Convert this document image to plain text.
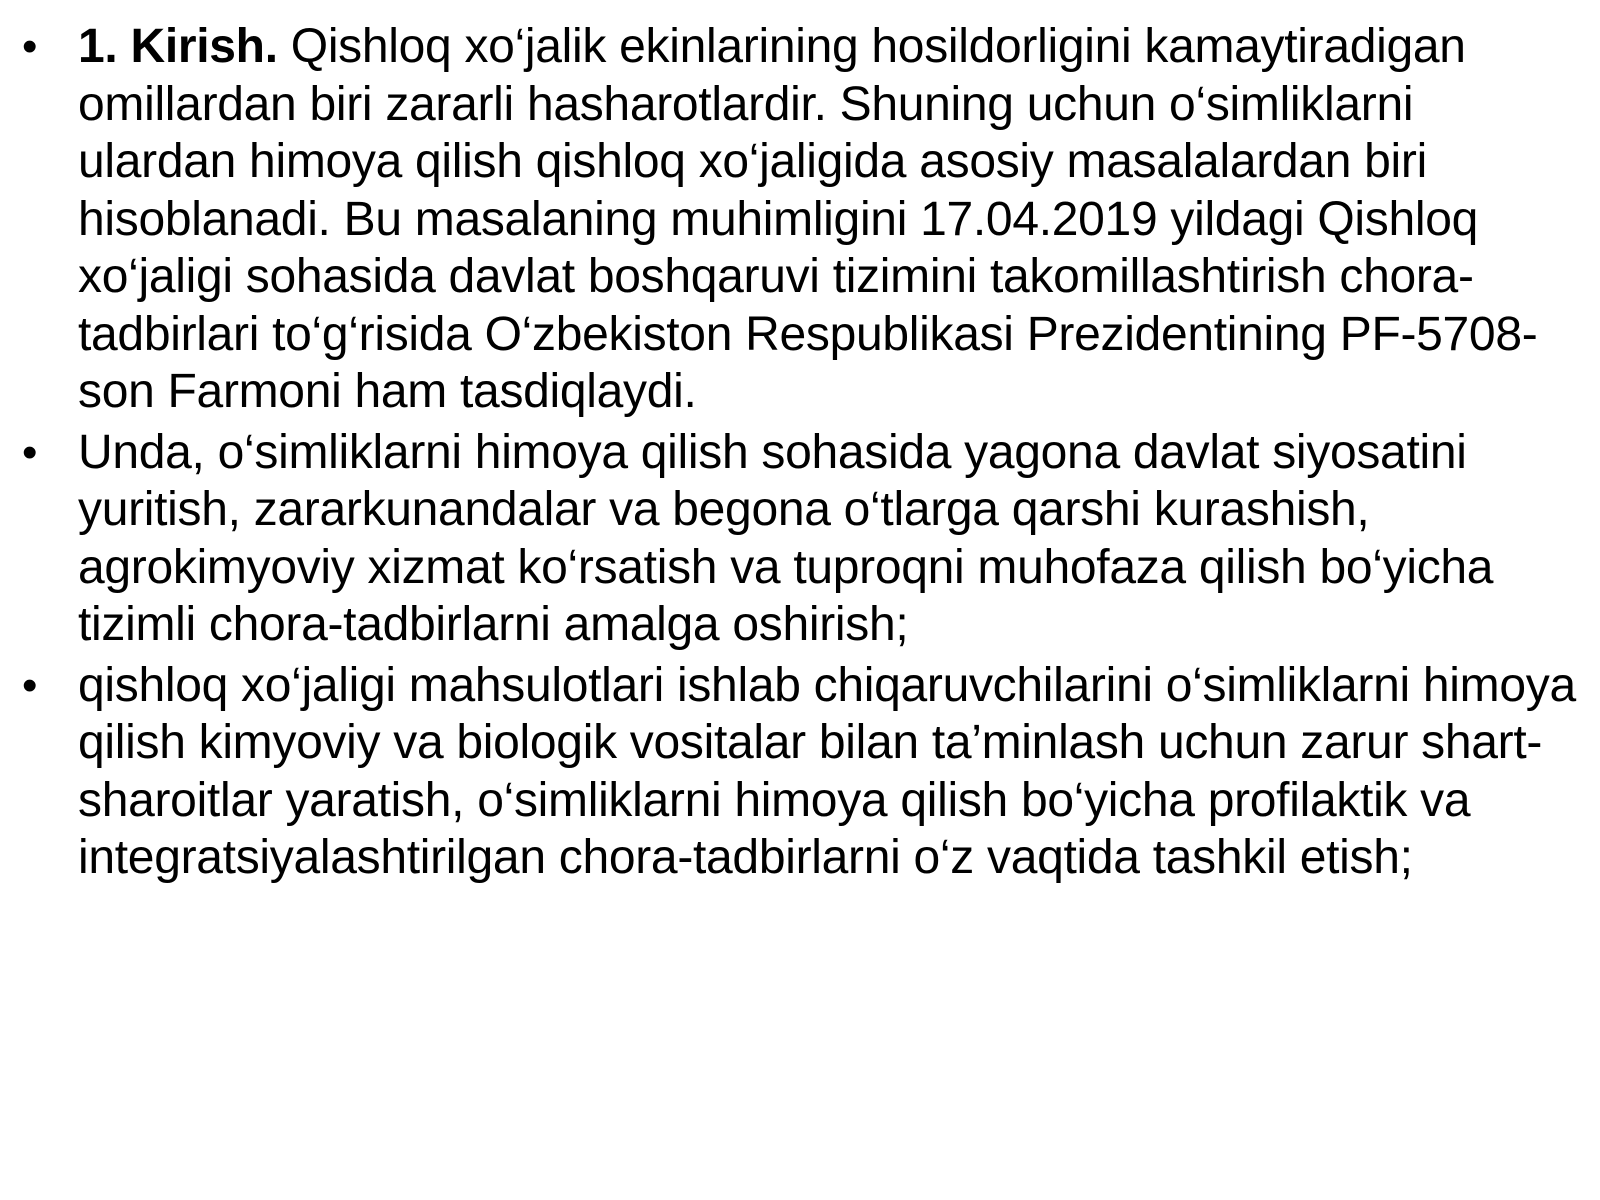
• 1. Kirish. Qishloq xo‘jalik ekinlarining hosildorligini kamaytiradigan omillardan biri zararli hasharotlardir. Shuning uchun o‘simliklarni ulardan himoya qilish qishloq xo‘jaligida asosiy masalalardan biri hisoblanadi. Bu masalaning muhimligini 17.04.2019 yildagi Qishloq xo‘jaligi sohasida davlat boshqaruvi tizimini takomillashtirish chora-tadbirlari to‘g‘risida O‘zbekiston Respublikasi Prezidentining PF-5708-son Farmoni ham tasdiqlaydi.
• Unda, o‘simliklarni himoya qilish sohasida yagona davlat siyosatini yuritish, zararkunandalar va begona o‘tlarga qarshi kurashish, agrokimyoviy xizmat ko‘rsatish va tuproqni muhofaza qilish bo‘yicha tizimli chora-tadbirlarni amalga oshirish;
• qishloq xo‘jaligi mahsulotlari ishlab chiqaruvchilarini o‘simliklarni himoya qilish kimyoviy va biologik vositalar bilan ta’minlash uchun zarur shart-sharoitlar yaratish, o‘simliklarni himoya qilish bo‘yicha profilaktik va integratsiyalashtirilgan chora-tadbirlarni o‘z vaqtida tashkil etish;
